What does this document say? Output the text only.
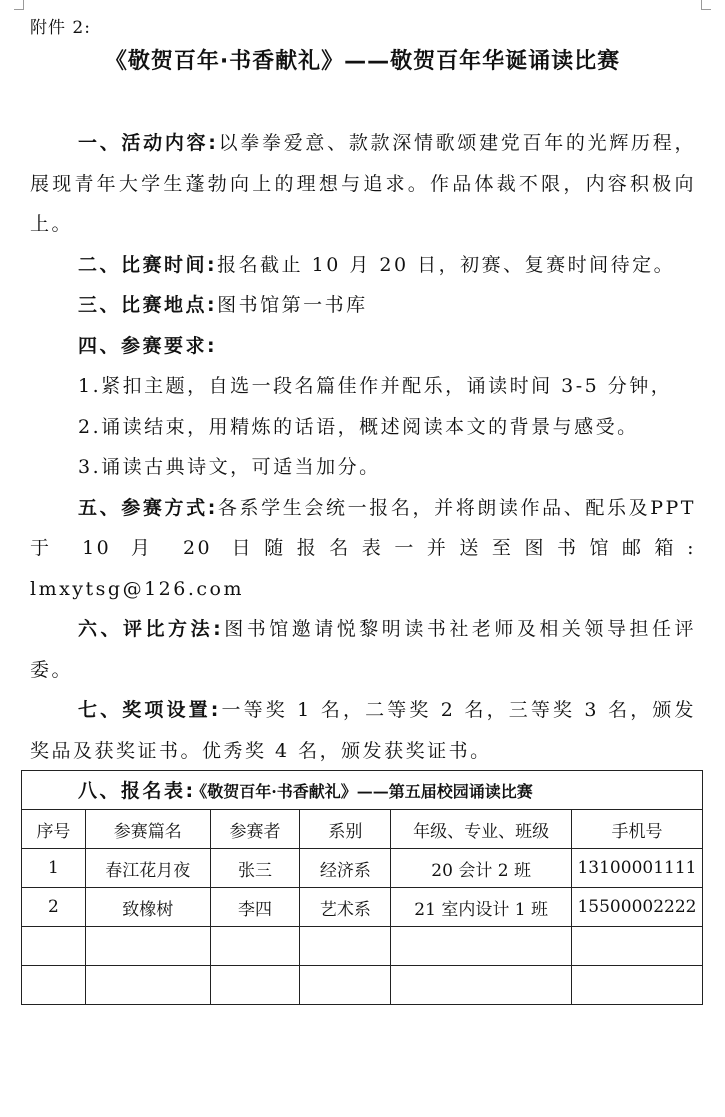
附件 2:
《敬贺百年·书香献礼》——敬贺百年华诞诵读比赛

一、活动内容:以拳拳爱意、款款深情歌颂建党百年的光辉历程，展现青年大学生蓬勃向上的理想与追求。作品体裁不限，内容积极向上。

二、比赛时间:报名截止 10 月 20 日，初赛、复赛时间待定。

三、比赛地点:图书馆第一书库

四、参赛要求:

1.紧扣主题，自选一段名篇佳作并配乐，诵读时间 3-5 分钟，

2.诵读结束，用精炼的话语，概述阅读本文的背景与感受。

3.诵读古典诗文，可适当加分。

五、参赛方式:各系学生会统一报名，并将朗读作品、配乐及PPT 于 10 月 20 日随报名表一并送至图书馆邮箱: lmxytsg@126.com

六、评比方法:图书馆邀请悦黎明读书社老师及相关领导担任评委。

七、奖项设置:一等奖 1 名，二等奖 2 名，三等奖 3 名，颁发奖品及获奖证书。优秀奖 4 名，颁发获奖证书。

八、报名表:

《敬贺百年·书香献礼》——第五届校园诵读比赛					
序号	参赛篇名	参赛者	系别	年级、专业、班级	手机号
1	春江花月夜	张三	经济系	20 会计 2 班	13100001111
2	致橡树	李四	艺术系	21 室内设计 1 班	15500002222
